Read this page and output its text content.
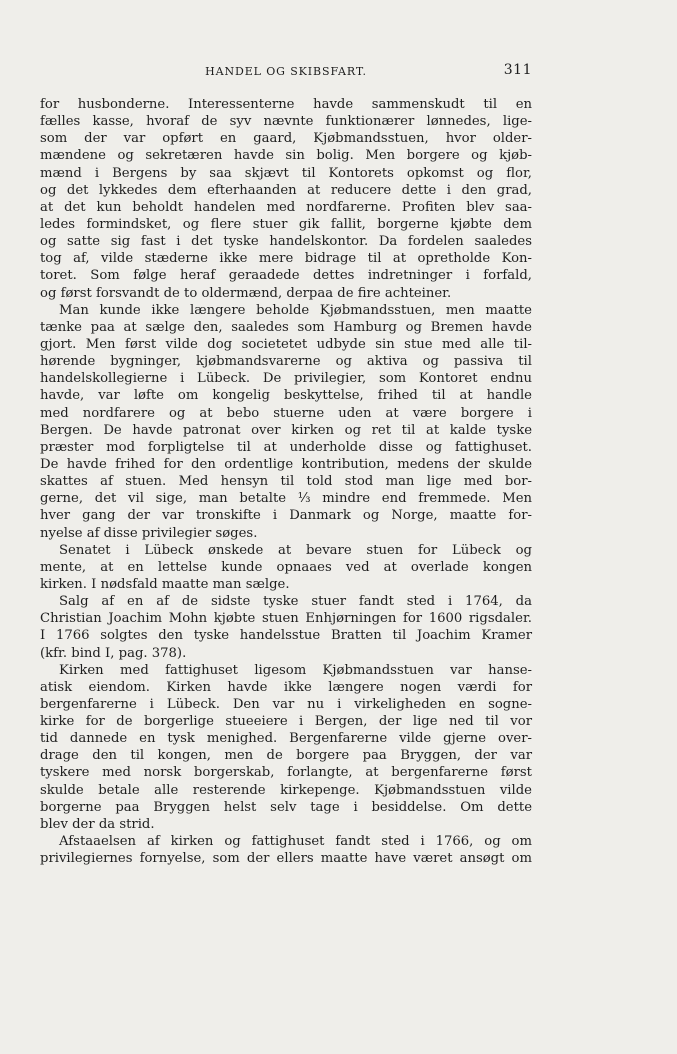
HANDEL OG SKIBSFART.	311
for husbonderne. Interessenterne havde sammenskudt til en
fælles kasse, hvoraf de syv nævnte funktionærer lønnedes, lige-
som der var opført en gaard, Kjøbmandsstuen, hvor older-
mændene og sekretæren havde sin bolig. Men borgere og kjøb-
mænd i Bergens by saa skjævt til Kontorets opkomst og flor,
og det lykkedes dem efterhaanden at reducere dette i den grad,
at det kun beholdt handelen med nordfarerne. Profiten blev saa-
ledes formindsket, og flere stuer gik fallit, borgerne kjøbte dem
og satte sig fast i det tyske handelskontor. Da fordelen saaledes
tog af, vilde stæderne ikke mere bidrage til at opretholde Kon-
toret. Som følge heraf geraadede dettes indretninger i forfald,
og først forsvandt de to oldermænd, derpaa de fire achteiner.
Man kunde ikke længere beholde Kjøbmandsstuen, men maatte
tænke paa at sælge den, saaledes som Hamburg og Bremen havde
gjort. Men først vilde dog societetet udbyde sin stue med alle til-
hørende bygninger, kjøbmandsvarerne og aktiva og passiva til
handelskollegierne i Lübeck. De privilegier, som Kontoret endnu
havde, var løfte om kongelig beskyttelse, frihed til at handle
med nordfarere og at bebo stuerne uden at være borgere i
Bergen. De havde patronat over kirken og ret til at kalde tyske
præster mod forpligtelse til at underholde disse og fattighuset.
De havde frihed for den ordentlige kontribution, medens der skulde
skattes af stuen. Med hensyn til told stod man lige med bor-
gerne, det vil sige, man betalte ⅓ mindre end fremmede. Men
hver gang der var tronskifte i Danmark og Norge, maatte for-
nyelse af disse privilegier søges.
Senatet i Lübeck ønskede at bevare stuen for Lübeck og
mente, at en lettelse kunde opnaaes ved at overlade kongen
kirken. I nødsfald maatte man sælge.
Salg af en af de sidste tyske stuer fandt sted i 1764, da
Christian Joachim Mohn kjøbte stuen Enhjørningen for 1600 rigsdaler.
I 1766 solgtes den tyske handelsstue Bratten til Joachim Kramer
(kfr. bind I, pag. 378).
Kirken med fattighuset ligesom Kjøbmandsstuen var hanse-
atisk eiendom. Kirken havde ikke længere nogen værdi for
bergenfarerne i Lübeck. Den var nu i virkeligheden en sogne-
kirke for de borgerlige stueeiere i Bergen, der lige ned til vor
tid dannede en tysk menighed. Bergenfarerne vilde gjerne over-
drage den til kongen, men de borgere paa Bryggen, der var
tyskere med norsk borgerskab, forlangte, at bergenfarerne først
skulde betale alle resterende kirkepenge. Kjøbmandsstuen vilde
borgerne paa Bryggen helst selv tage i besiddelse. Om dette
blev der da strid.
Afstaaelsen af kirken og fattighuset fandt sted i 1766, og om
privilegiernes fornyelse, som der ellers maatte have været ansøgt om
